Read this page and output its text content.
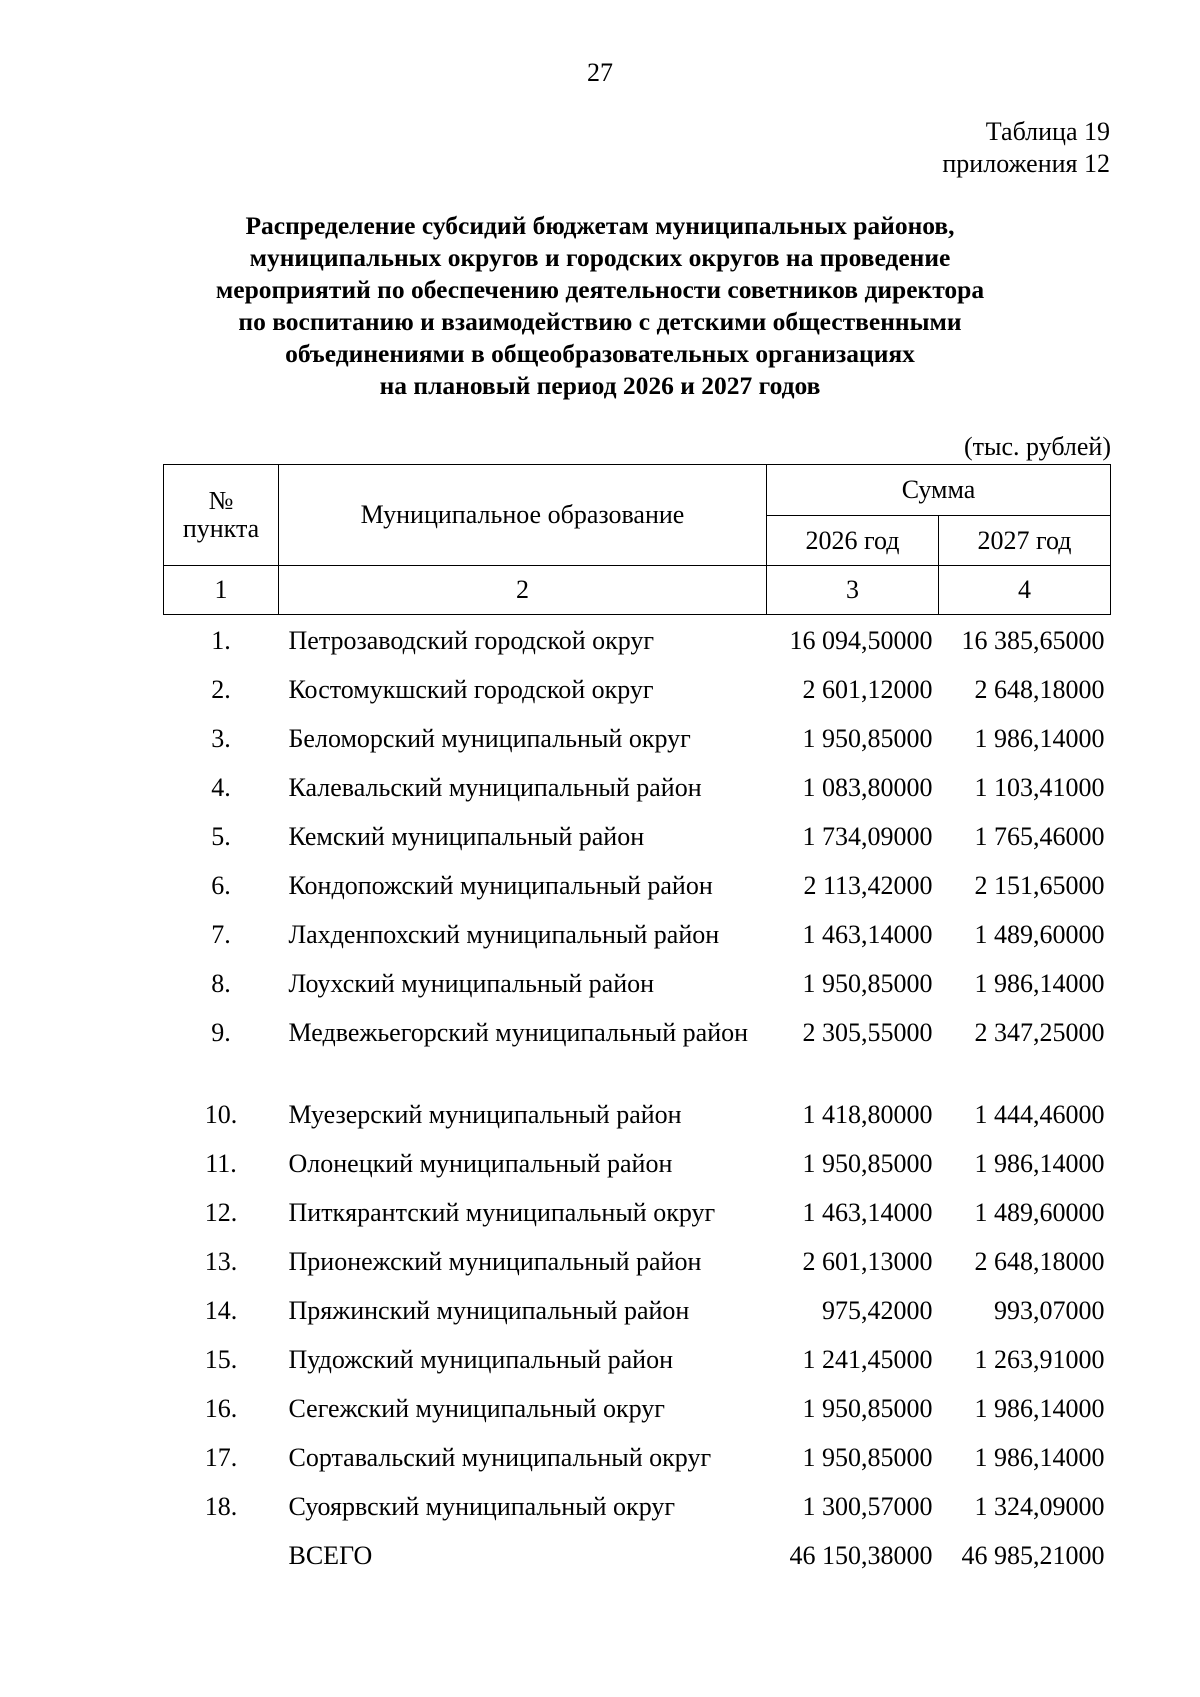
27
Таблица 19
приложения 12
Распределение субсидий бюджетам муниципальных районов,
муниципальных округов и городских округов на проведение
мероприятий по обеспечению деятельности советников директора
по воспитанию и взаимодействию с детскими общественными
объединениями в общеобразовательных организациях
на плановый период 2026 и 2027 годов
(тыс. рублей)
№
пункта	Муниципальное образование	Сумма	
		2026 год	2027 год
1	2	3	4
1.	Петрозаводский городской округ	16 094,50000	16 385,65000
2.	Костомукшский городской округ	2 601,12000	2 648,18000
3.	Беломорский муниципальный округ	1 950,85000	1 986,14000
4.	Калевальский муниципальный район	1 083,80000	1 103,41000
5.	Кемский муниципальный район	1 734,09000	1 765,46000
6.	Кондопожский муниципальный район	2 113,42000	2 151,65000
7.	Лахденпохский муниципальный район	1 463,14000	1 489,60000
8.	Лоухский муниципальный район	1 950,85000	1 986,14000
9.	Медвежьегорский муниципальный район	2 305,55000	2 347,25000
10.	Муезерский муниципальный район	1 418,80000	1 444,46000
11.	Олонецкий муниципальный район	1 950,85000	1 986,14000
12.	Питкярантский муниципальный округ	1 463,14000	1 489,60000
13.	Прионежский муниципальный район	2 601,13000	2 648,18000
14.	Пряжинский муниципальный район	975,42000	993,07000
15.	Пудожский муниципальный район	1 241,45000	1 263,91000
16.	Сегежский муниципальный округ	1 950,85000	1 986,14000
17.	Сортавальский муниципальный округ	1 950,85000	1 986,14000
18.	Суоярвский муниципальный округ	1 300,57000	1 324,09000
	ВСЕГО	46 150,38000	46 985,21000
